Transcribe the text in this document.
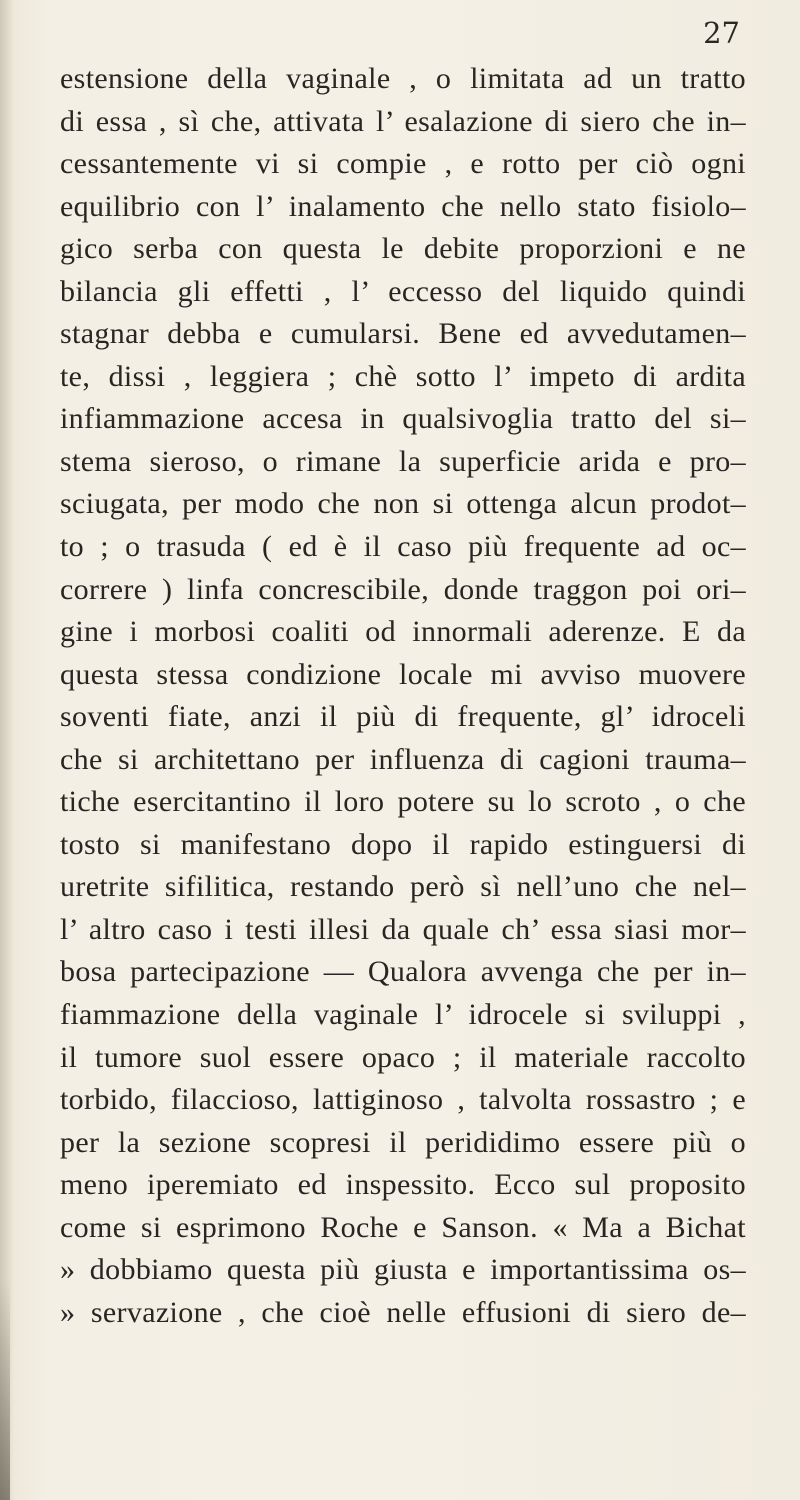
27

estensione della vaginale , o limitata ad un tratto
di essa , sì che, attivata l’ esalazione di siero che in–
cessantemente vi si compie , e rotto per ciò ogni
equilibrio con l’ inalamento che nello stato fisiolo–
gico serba con questa le debite proporzioni e ne
bilancia gli effetti , l’ eccesso del liquido quindi
stagnar debba e cumularsi. Bene ed avvedutamen–
te, dissi , leggiera ; chè sotto l’ impeto di ardita
infiammazione accesa in qualsivoglia tratto del si–
stema sieroso, o rimane la superficie arida e pro–
sciugata, per modo che non si ottenga alcun prodot–
to ; o trasuda ( ed è il caso più frequente ad oc–
correre ) linfa concrescibile, donde traggon poi ori–
gine i morbosi coaliti od innormali aderenze. E da
questa stessa condizione locale mi avviso muovere
soventi fiate, anzi il più di frequente, gl’ idroceli
che si architettano per influenza di cagioni trauma–
tiche esercitantino il loro potere su lo scroto , o che
tosto si manifestano dopo il rapido estinguersi di
uretrite sifilitica, restando però sì nell’uno che nel–
l’ altro caso i testi illesi da quale ch’ essa siasi mor–
bosa partecipazione — Qualora avvenga che per in–
fiammazione della vaginale l’ idrocele si sviluppi ,
il tumore suol essere opaco ; il materiale raccolto
torbido, filaccioso, lattiginoso , talvolta rossastro ; e
per la sezione scopresi il perididimo essere più o
meno iperemiato ed inspessito. Ecco sul proposito
come si esprimono Roche e Sanson. « Ma a Bichat
» dobbiamo questa più giusta e importantissima os–
» servazione , che cioè nelle effusioni di siero de–
